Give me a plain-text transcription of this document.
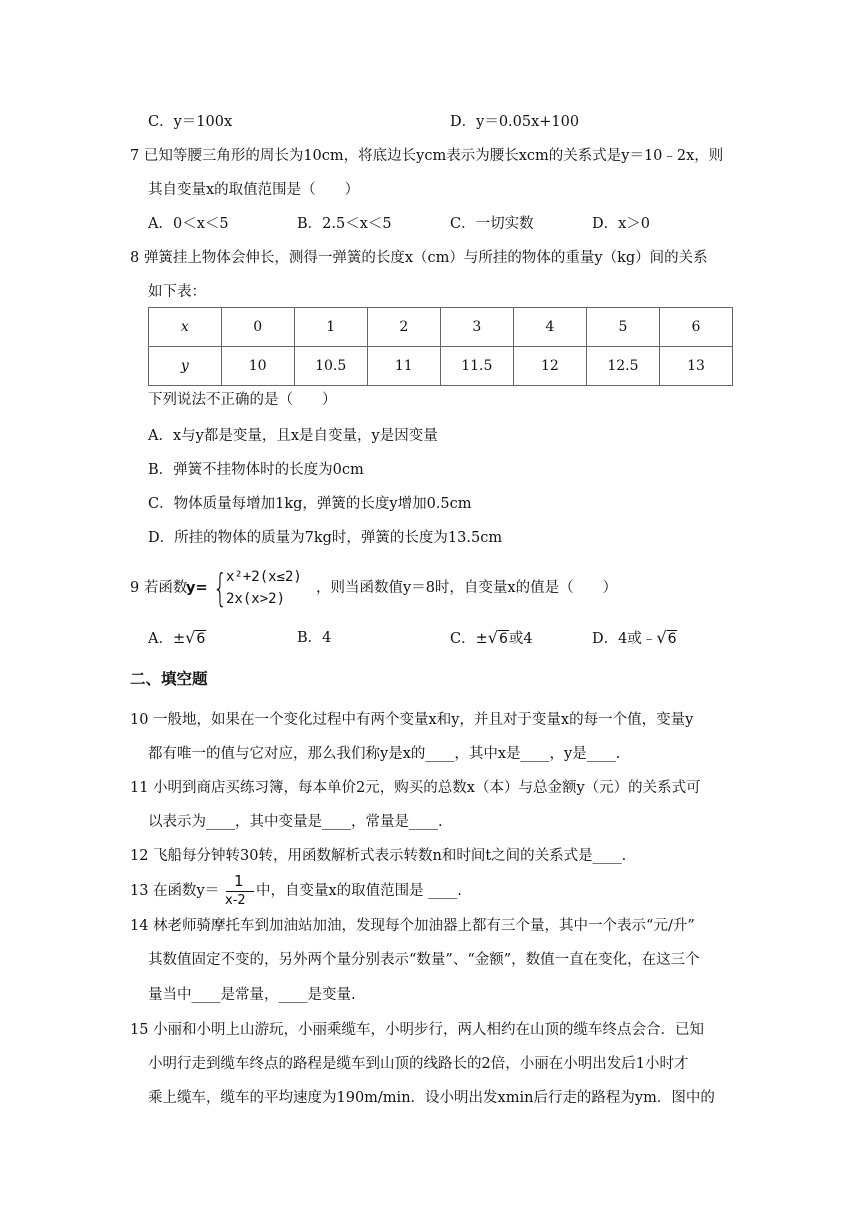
C．y＝100x	D．y＝0.05x+100
7 已知等腰三角形的周长为10cm，将底边长ycm表示为腰长xcm的关系式是y＝10﹣2x，则
其自变量x的取值范围是（　　）
A．0＜x＜5	B．2.5＜x＜5	C．一切实数	D．x＞0
8 弹簧挂上物体会伸长，测得一弹簧的长度x（cm）与所挂的物体的重量y（kg）间的关系
如下表：
x	0	1	2	3	4	5	6
y	10	10.5	11	11.5	12	12.5	13
下列说法不正确的是（　　）
A．x与y都是变量，且x是自变量，y是因变量
B．弹簧不挂物体时的长度为0cm
C．物体质量每增加1kg，弹簧的长度y增加0.5cm
D．所挂的物体的质量为7kg时，弹簧的长度为13.5cm
9 若函数
y= {
x²+2(x≤2)
2x(x>2)
，则当函数值y＝8时，自变量x的值是（　　）
A．±√6	B．4	C．±√6或4	D．4或﹣√6
二、填空题
10 一般地，如果在一个变化过程中有两个变量x和y，并且对于变量x的每一个值，变量y
都有唯一的值与它对应，那么我们称y是x的____，其中x是____，y是____.
11 小明到商店买练习簿，每本单价2元，购买的总数x（本）与总金额y（元）的关系式可
以表示为____，其中变量是____，常量是____.
12 飞船每分钟转30转，用函数解析式表示转数n和时间t之间的关系式是____.
13 在函数y＝
1
x-2
中，自变量x的取值范围是 ____.
14 林老师骑摩托车到加油站加油，发现每个加油器上都有三个量，其中一个表示“元/升”
其数值固定不变的，另外两个量分别表示“数量”、“金额”，数值一直在变化，在这三个
量当中____是常量，____是变量.
15 小丽和小明上山游玩，小丽乘缆车，小明步行，两人相约在山顶的缆车终点会合．已知
小明行走到缆车终点的路程是缆车到山顶的线路长的2倍，小丽在小明出发后1小时才
乘上缆车，缆车的平均速度为190m/min．设小明出发xmin后行走的路程为ym．图中的
